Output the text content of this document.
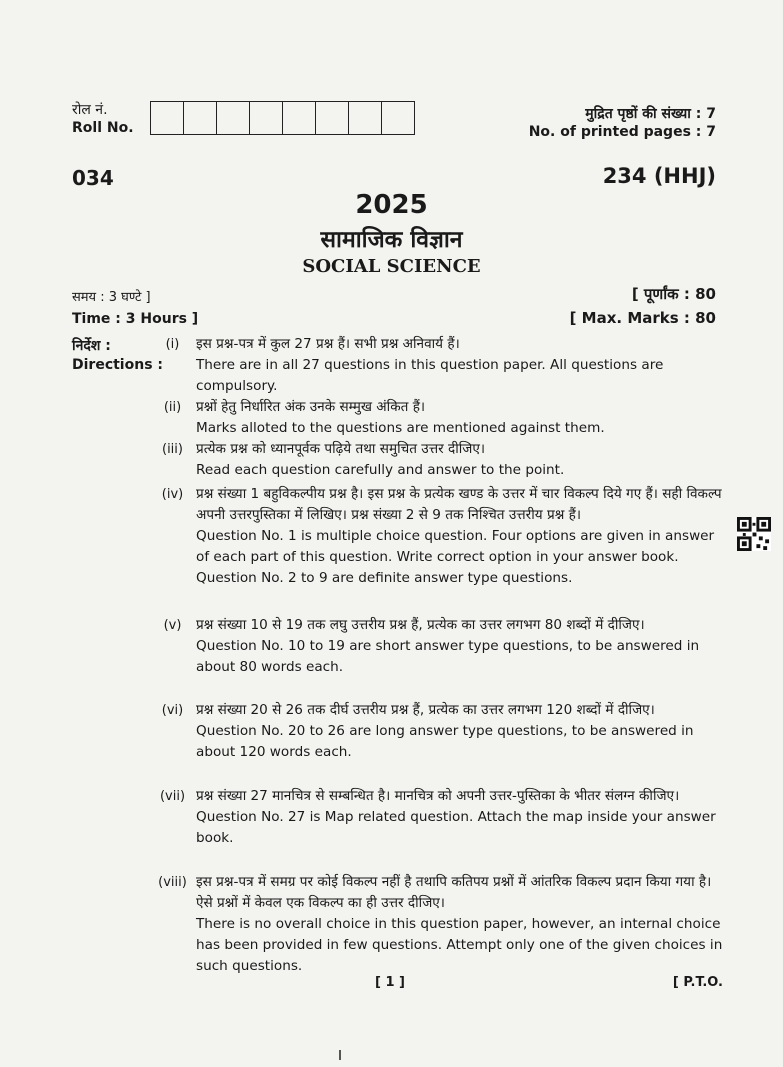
रोल नं.
Roll No.
मुद्रित पृष्ठों की संख्या : 7
No. of printed pages : 7
034	234 (HHJ)
2025
सामाजिक विज्ञान
SOCIAL SCIENCE
समय : 3 घण्टे ]
Time : 3 Hours ]
[ पूर्णांक : 80
[ Max. Marks : 80
निर्देश :
Directions :
(i)	इस प्रश्न-पत्र में कुल 27 प्रश्न हैं। सभी प्रश्न अनिवार्य हैं।

There are in all 27 questions in this question paper. All questions are compulsory.

(ii)	प्रश्नों हेतु निर्धारित अंक उनके सम्मुख अंकित हैं।

Marks alloted to the questions are mentioned against them.

(iii) प्रत्येक प्रश्न को ध्यानपूर्वक पढ़िये तथा समुचित उत्तर दीजिए।

Read each question carefully and answer to the point.

(iv) प्रश्न संख्या 1 बहुविकल्पीय प्रश्न है। इस प्रश्न के प्रत्येक खण्ड के उत्तर में चार विकल्प दिये गए हैं। सही विकल्प अपनी उत्तरपुस्तिका में लिखिए। प्रश्न संख्या 2 से 9 तक निश्चित उत्तरीय प्रश्न हैं।

Question No. 1 is multiple choice question. Four options are given in answer of each part of this question. Write correct option in your answer book. Question No. 2 to 9 are definite answer type questions.

(v)	प्रश्न संख्या 10 से 19 तक लघु उत्तरीय प्रश्न हैं, प्रत्येक का उत्तर लगभग 80 शब्दों में दीजिए।

Question No. 10 to 19 are short answer type questions, to be answered in about 80 words each.

(vi) प्रश्न संख्या 20 से 26 तक दीर्घ उत्तरीय प्रश्न हैं, प्रत्येक का उत्तर लगभग 120 शब्दों में दीजिए।

Question No. 20 to 26 are long answer type questions, to be answered in about 120 words each.

(vii) प्रश्न संख्या 27 मानचित्र से सम्बन्धित है। मानचित्र को अपनी उत्तर-पुस्तिका के भीतर संलग्न कीजिए।

Question No. 27 is Map related question. Attach the map inside your answer book.

(viii) इस प्रश्न-पत्र में समग्र पर कोई विकल्प नहीं है तथापि कतिपय प्रश्नों में आंतरिक विकल्प प्रदान किया गया है। ऐसे प्रश्नों में केवल एक विकल्प का ही उत्तर दीजिए।

There is no overall choice in this question paper, however, an internal choice has been provided in few questions. Attempt only one of the given choices in such questions.

[ 1 ]	[ P.T.O.
